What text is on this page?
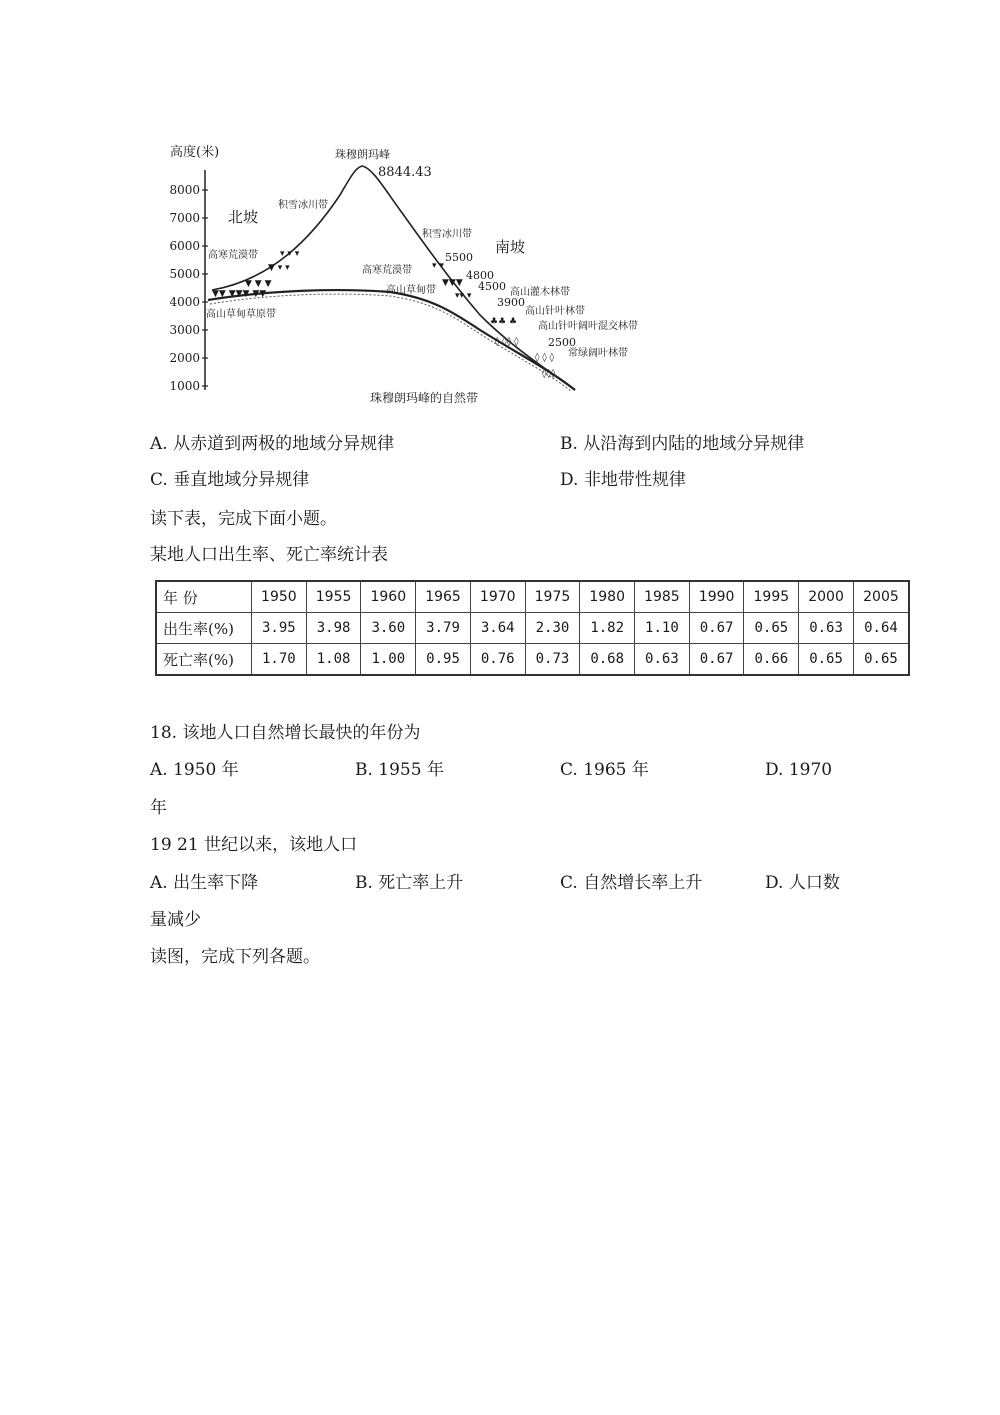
高度(米)
8000
7000
6000
5000
4000
3000
2000
1000
▼▼ ▼▼▼ ▼▼
▼ ▼ ▼
▼ ▾ ▾
▾ ▾ ▾
▾ ▾
▼▼▼
▾▾ ▾
♣♣ ♣
◊ ◊◊ ◊
◊ ◊ ◊
◊◊◊
珠穆朗玛峰
8844.43
北坡
南坡
积雪冰川带
高寒荒漠带
高山草甸草原带
积雪冰川带
高寒荒漠带
高山草甸带	高山灌木林带
高山针叶林带
高山针叶阔叶混交林带
常绿阔叶林带
5500
4800
4500
3900
2500
珠穆朗玛峰的自然带
A. 从赤道到两极的地域分异规律	B. 从沿海到内陆的地域分异规律
C. 垂直地域分异规律	D. 非地带性规律
读下表，完成下面小题。
某地人口出生率、死亡率统计表
年 份	1950	1955	1960	1965	1970	1975	1980	1985	1990	1995	2000	2005
出生率(%)	3.95	3.98	3.60	3.79	3.64	2.30	1.82	1.10	0.67	0.65	0.63	0.64
死亡率(%)	1.70	1.08	1.00	0.95	0.76	0.73	0.68	0.63	0.67	0.66	0.65	0.65
18. 该地人口自然增长最快的年份为
A. 1950 年	B. 1955 年	C. 1965 年	D. 1970
年
19 21 世纪以来，该地人口
A. 出生率下降	B. 死亡率上升	C. 自然增长率上升	D. 人口数
量减少
读图，完成下列各题。
